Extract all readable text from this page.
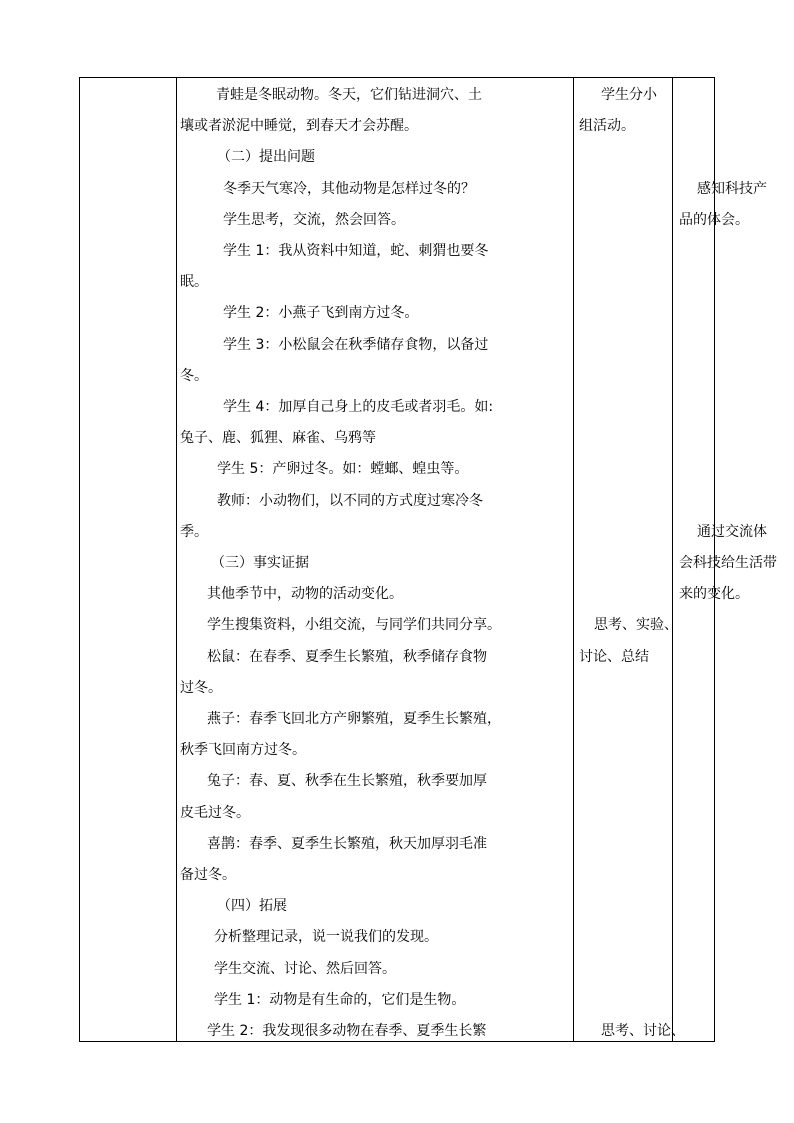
青蛙是冬眠动物。冬天，它们钻进洞穴、土
壤或者淤泥中睡觉，到春天才会苏醒。
（二）提出问题
冬季天气寒冷，其他动物是怎样过冬的？
学生思考，交流，然会回答。
学生 1：我从资料中知道，蛇、刺猬也要冬
眠。
学生 2：小燕子飞到南方过冬。
学生 3：小松鼠会在秋季储存食物，以备过
冬。
学生 4：加厚自己身上的皮毛或者羽毛。如:
兔子、鹿、狐狸、麻雀、乌鸦等
学生 5：产卵过冬。如：螳螂、蝗虫等。
教师：小动物们，以不同的方式度过寒冷冬
季。
（三）事实证据
其他季节中，动物的活动变化。
学生搜集资料，小组交流，与同学们共同分享。
松鼠：在春季、夏季生长繁殖，秋季储存食物
过冬。
燕子：春季飞回北方产卵繁殖，夏季生长繁殖，
秋季飞回南方过冬。
兔子：春、夏、秋季在生长繁殖，秋季要加厚
皮毛过冬。
喜鹊：春季、夏季生长繁殖，秋天加厚羽毛准
备过冬。
（四）拓展
分析整理记录，说一说我们的发现。
学生交流、讨论、然后回答。
学生 1：动物是有生命的，它们是生物。
学生 2：我发现很多动物在春季、夏季生长繁
学生分小
组活动。
思考、实验、
讨论、总结
思考、讨论、
感知科技产
品的体会。
通过交流体
会科技给生活带
来的变化。
